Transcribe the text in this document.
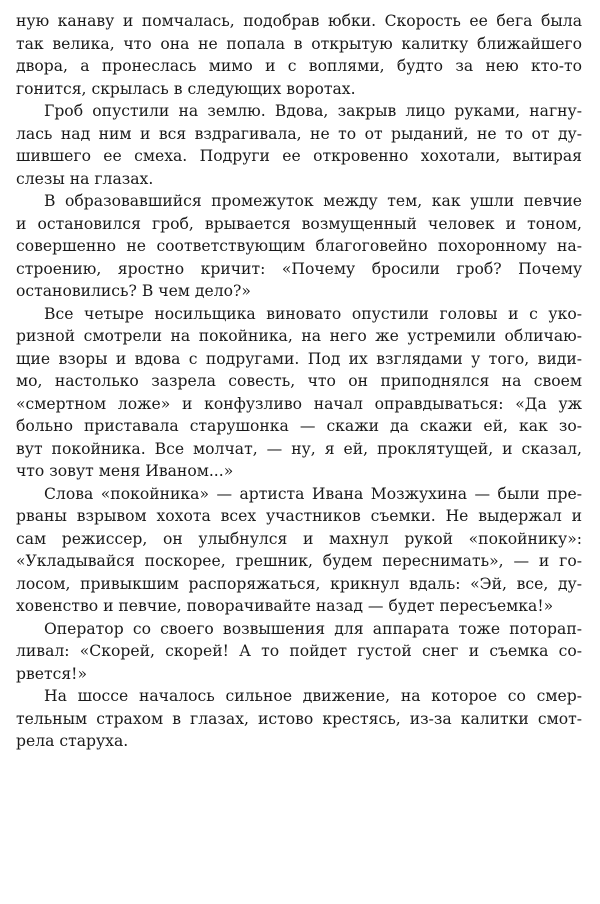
ную канаву и помчалась, подобрав юбки. Скорость ее бега была
так велика, что она не попала в открытую калитку ближайшего
двора, а пронеслась мимо и с воплями, будто за нею кто-то
гонится, скрылась в следующих воротах.
Гроб опустили на землю. Вдова, закрыв лицо руками, нагну-
лась над ним и вся вздрагивала, не то от рыданий, не то от ду-
шившего ее смеха. Подруги ее откровенно хохотали, вытирая
слезы на глазах.
В образовавшийся промежуток между тем, как ушли певчие
и остановился гроб, врывается возмущенный человек и тоном,
совершенно не соответствующим благоговейно похоронному на-
строению, яростно кричит: «Почему бросили гроб? Почему
остановились? В чем дело?»
Все четыре носильщика виновато опустили головы и с уко-
ризной смотрели на покойника, на него же устремили обличаю-
щие взоры и вдова с подругами. Под их взглядами у того, види-
мо, настолько зазрела совесть, что он приподнялся на своем
«смертном ложе» и конфузливо начал оправдываться: «Да уж
больно приставала старушонка — скажи да скажи ей, как зо-
вут покойника. Все молчат, — ну, я ей, проклятущей, и сказал,
что зовут меня Иваном...»
Слова «покойника» — артиста Ивана Мозжухина — были пре-
рваны взрывом хохота всех участников съемки. Не выдержал и
сам режиссер, он улыбнулся и махнул рукой «покойнику»:
«Укладывайся поскорее, грешник, будем переснимать», — и го-
лосом, привыкшим распоряжаться, крикнул вдаль: «Эй, все, ду-
ховенство и певчие, поворачивайте назад — будет пересъемка!»
Оператор со своего возвышения для аппарата тоже поторап-
ливал: «Скорей, скорей! А то пойдет густой снег и съемка со-
рвется!»
На шоссе началось сильное движение, на которое со смер-
тельным страхом в глазах, истово крестясь, из-за калитки смот-
рела старуха.
